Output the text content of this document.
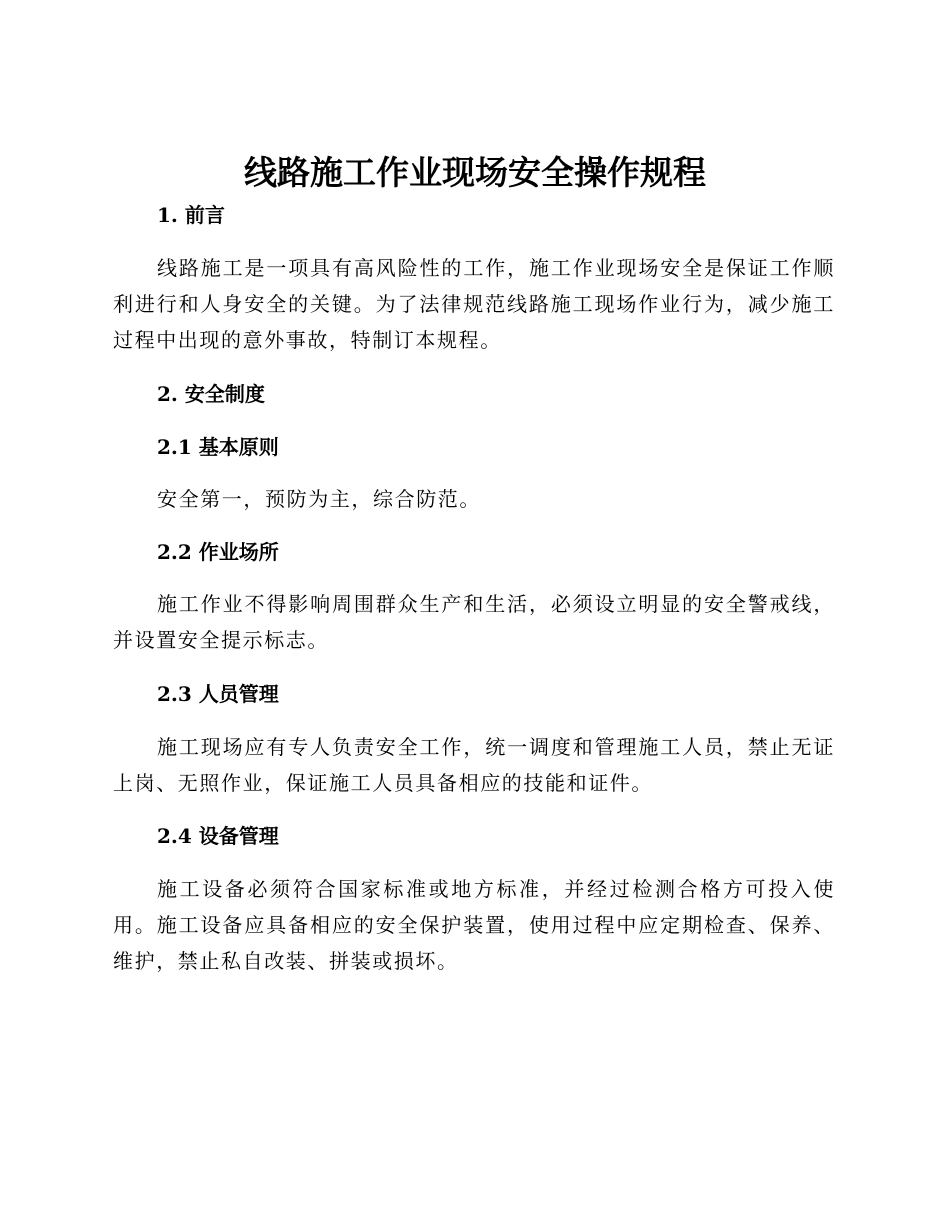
线路施工作业现场安全操作规程
1. 前言
线路施工是一项具有高风险性的工作，施工作业现场安全是保证工作顺利进行和人身安全的关键。为了法律规范线路施工现场作业行为，减少施工过程中出现的意外事故，特制订本规程。
2. 安全制度
2.1 基本原则
安全第一，预防为主，综合防范。
2.2 作业场所
施工作业不得影响周围群众生产和生活，必须设立明显的安全警戒线，并设置安全提示标志。
2.3 人员管理
施工现场应有专人负责安全工作，统一调度和管理施工人员，禁止无证上岗、无照作业，保证施工人员具备相应的技能和证件。
2.4 设备管理
施工设备必须符合国家标准或地方标准，并经过检测合格方可投入使用。施工设备应具备相应的安全保护装置，使用过程中应定期检查、保养、维护，禁止私自改装、拼装或损坏。
